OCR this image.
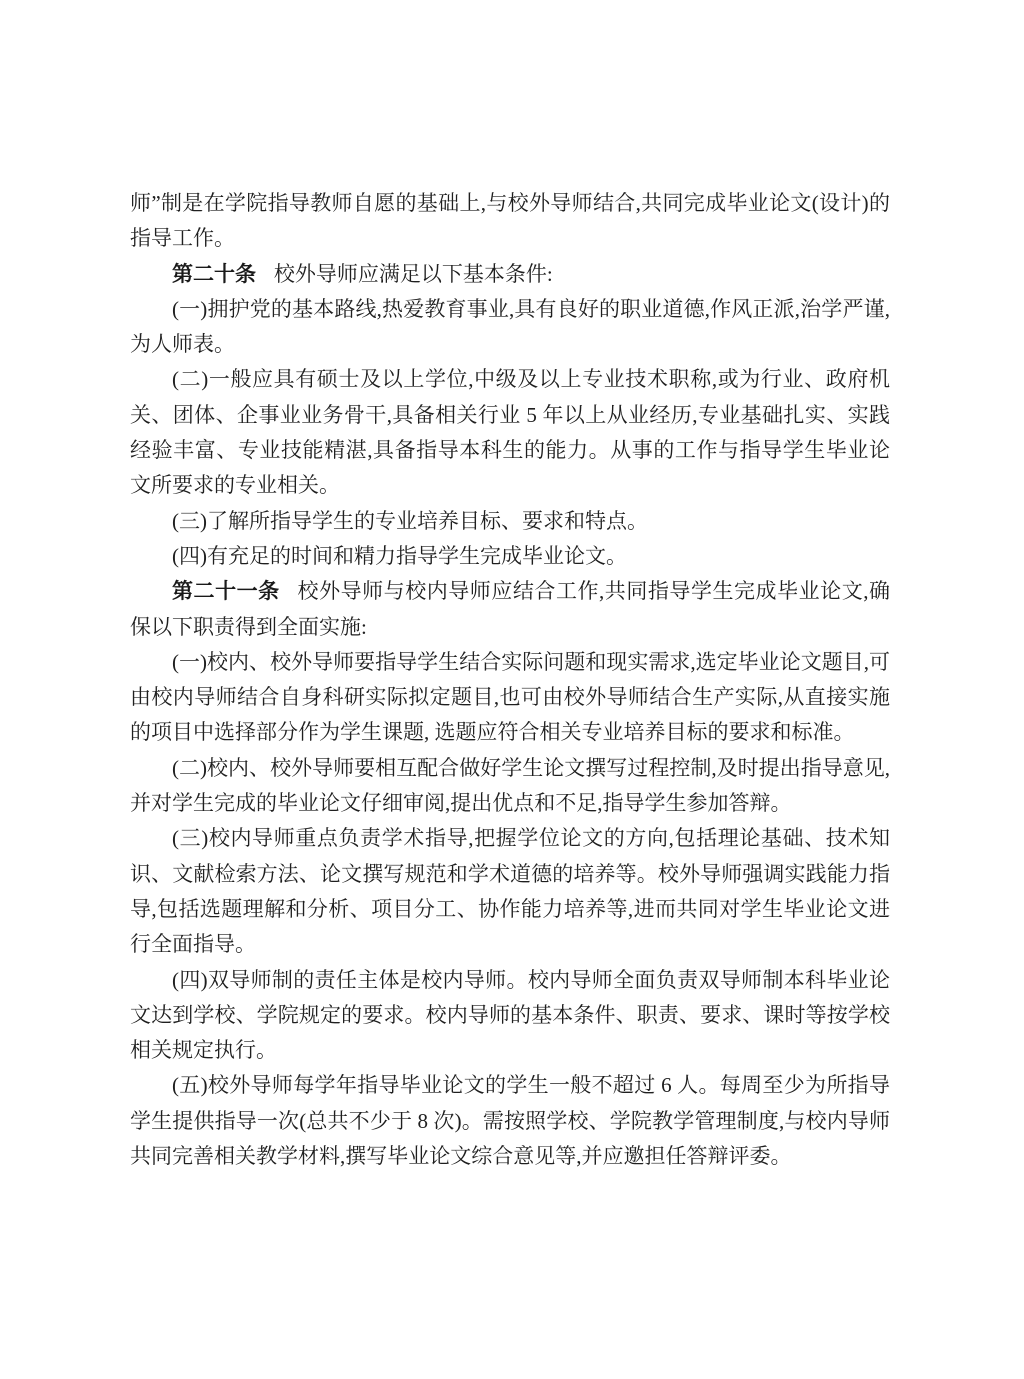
师”制是在学院指导教师自愿的基础上,与校外导师结合,共同完成毕业论文(设计)的指导工作。

第二十条 校外导师应满足以下基本条件:

(一)拥护党的基本路线,热爱教育事业,具有良好的职业道德,作风正派,治学严谨,为人师表。

(二)一般应具有硕士及以上学位,中级及以上专业技术职称,或为行业、政府机关、团体、企事业业务骨干,具备相关行业 5 年以上从业经历,专业基础扎实、实践经验丰富、专业技能精湛,具备指导本科生的能力。从事的工作与指导学生毕业论文所要求的专业相关。

(三)了解所指导学生的专业培养目标、要求和特点。

(四)有充足的时间和精力指导学生完成毕业论文。

第二十一条 校外导师与校内导师应结合工作,共同指导学生完成毕业论文,确保以下职责得到全面实施:

(一)校内、校外导师要指导学生结合实际问题和现实需求,选定毕业论文题目,可由校内导师结合自身科研实际拟定题目,也可由校外导师结合生产实际,从直接实施的项目中选择部分作为学生课题, 选题应符合相关专业培养目标的要求和标准。

(二)校内、校外导师要相互配合做好学生论文撰写过程控制,及时提出指导意见,并对学生完成的毕业论文仔细审阅,提出优点和不足,指导学生参加答辩。

(三)校内导师重点负责学术指导,把握学位论文的方向,包括理论基础、技术知识、文献检索方法、论文撰写规范和学术道德的培养等。校外导师强调实践能力指导,包括选题理解和分析、项目分工、协作能力培养等,进而共同对学生毕业论文进行全面指导。

(四)双导师制的责任主体是校内导师。校内导师全面负责双导师制本科毕业论文达到学校、学院规定的要求。校内导师的基本条件、职责、要求、课时等按学校相关规定执行。

(五)校外导师每学年指导毕业论文的学生一般不超过 6 人。每周至少为所指导学生提供指导一次(总共不少于 8 次)。需按照学校、学院教学管理制度,与校内导师共同完善相关教学材料,撰写毕业论文综合意见等,并应邀担任答辩评委。
